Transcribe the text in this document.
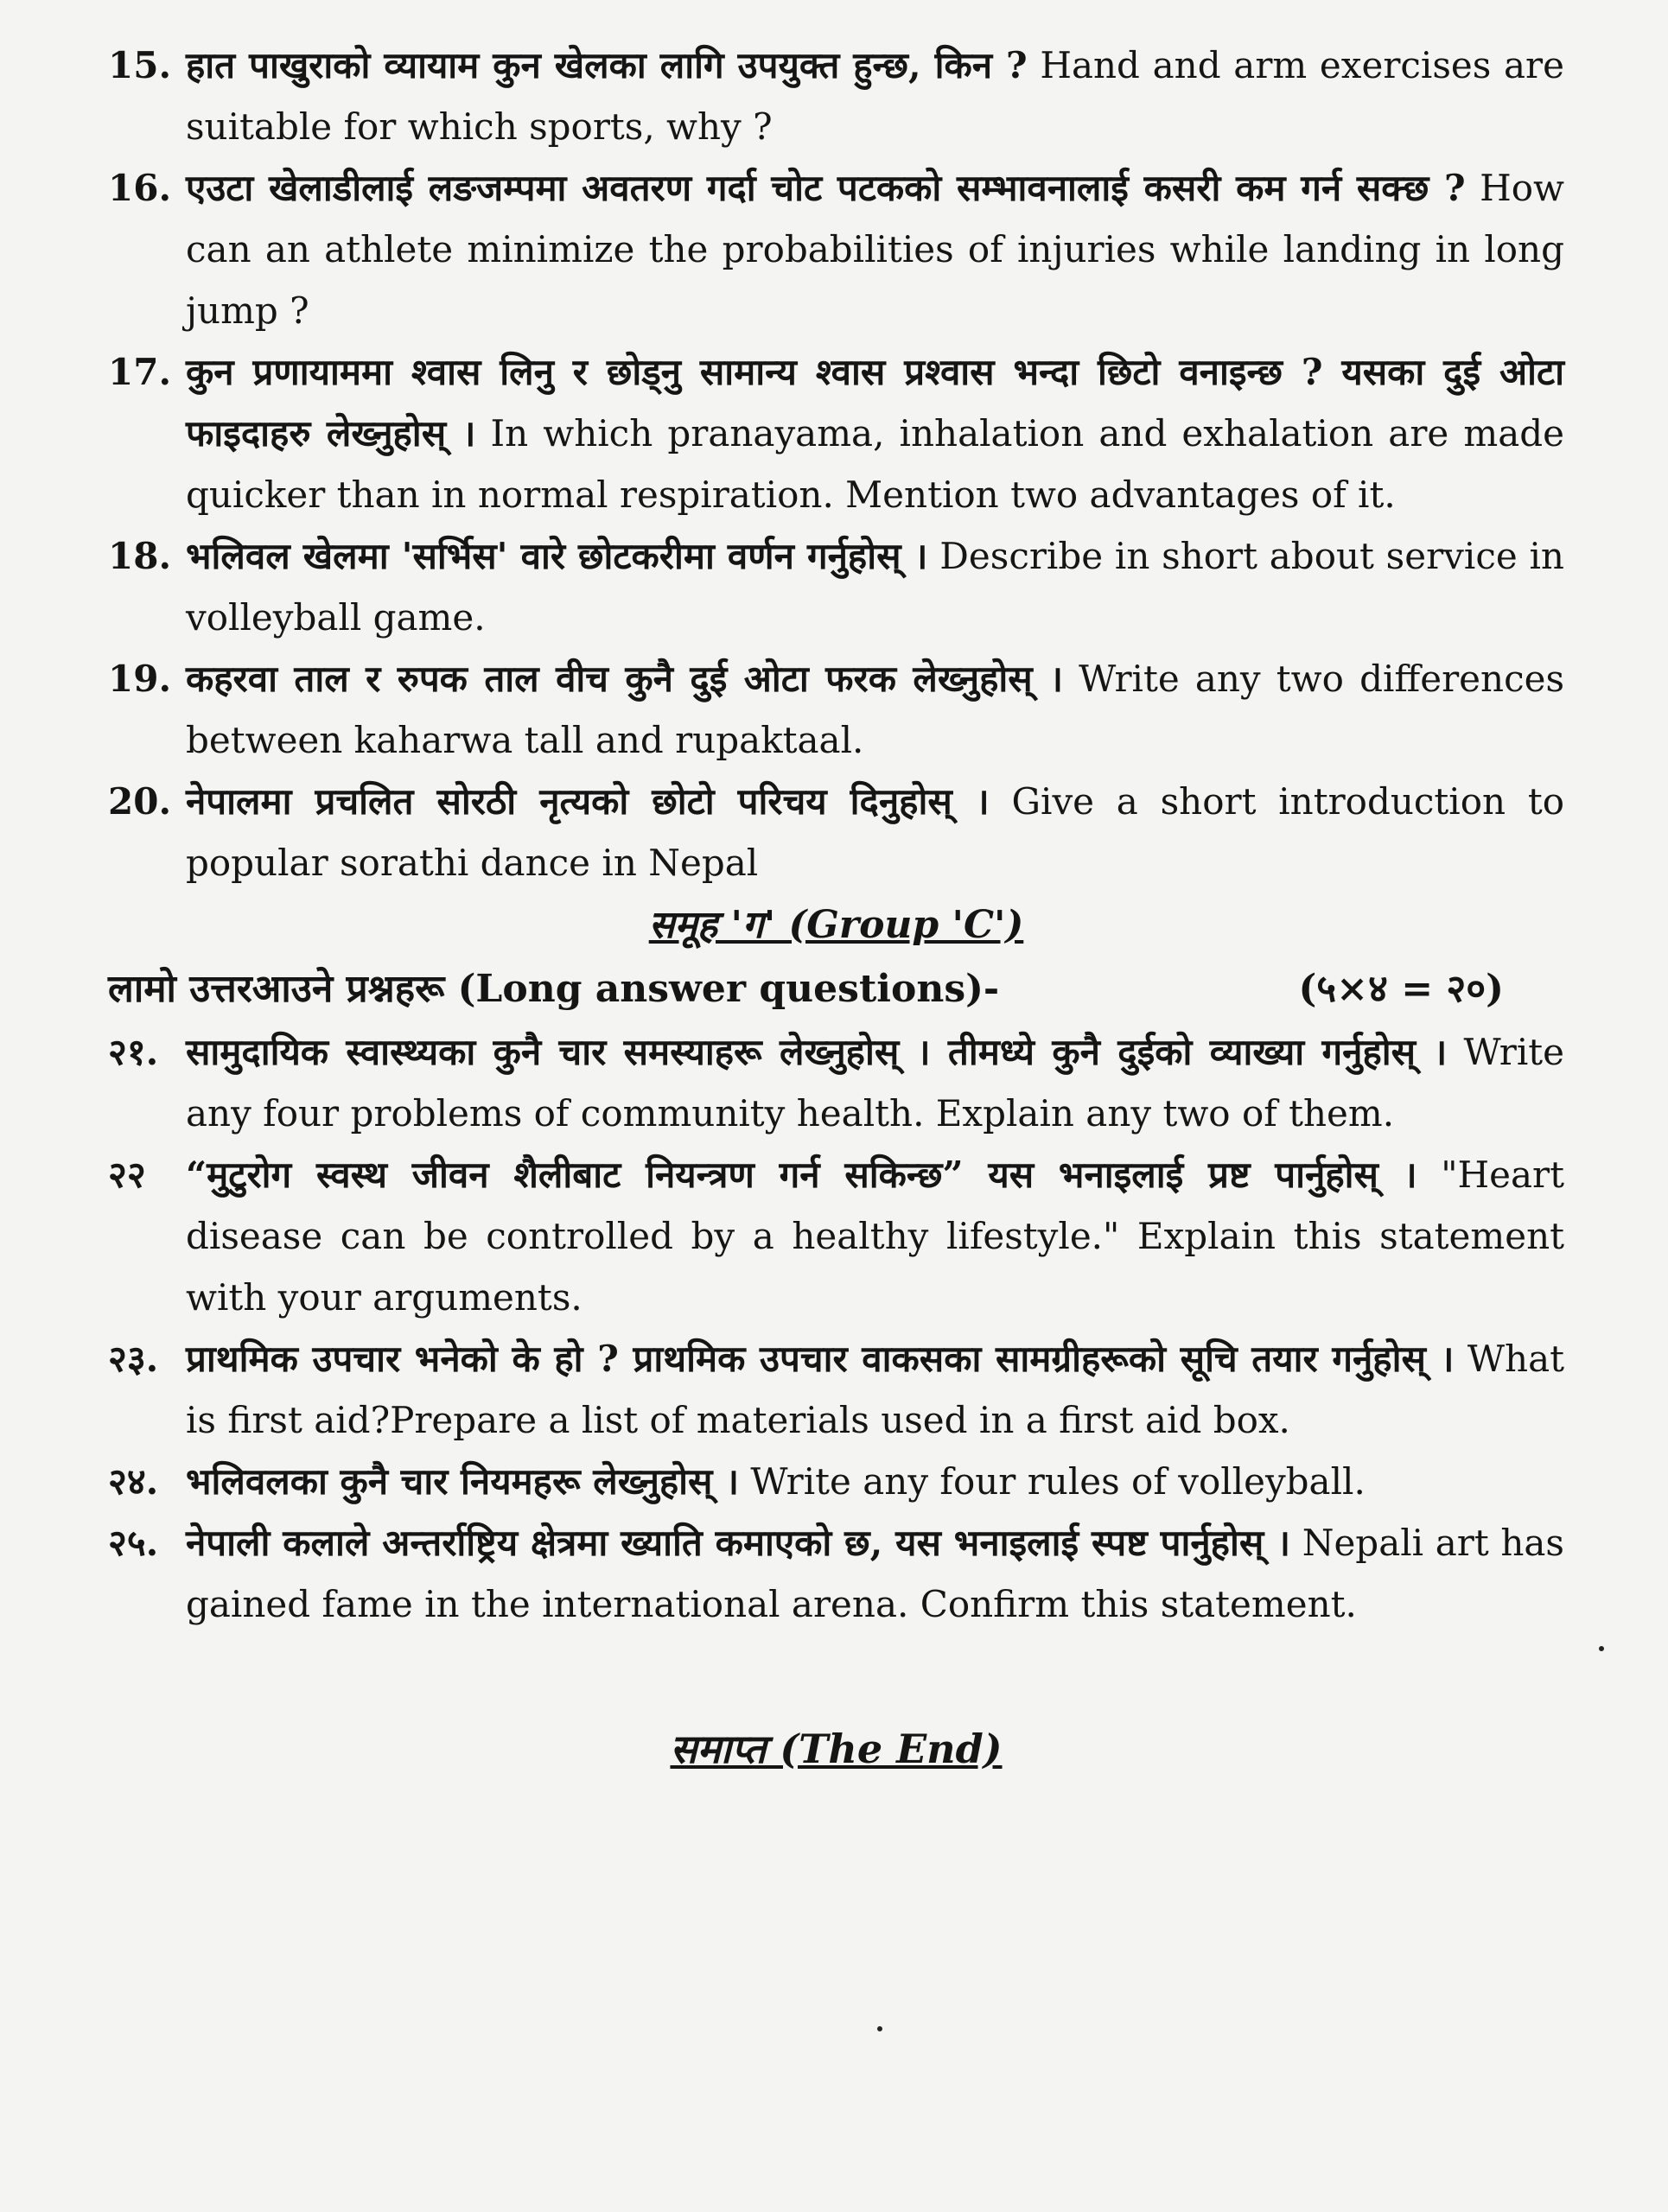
15. हात पाखुराको व्यायाम कुन खेलका लागि उपयुक्त हुन्छ, किन ? Hand and arm exercises are suitable for which sports, why ?

16. एउटा खेलाडीलाई लङजम्पमा अवतरण गर्दा चोट पटकको सम्भावनालाई कसरी कम गर्न सक्छ ? How can an athlete minimize the probabilities of injuries while landing in long jump ?

17. कुन प्रणायाममा श्वास लिनु र छोड्नु सामान्य श्वास प्रश्वास भन्दा छिटो वनाइन्छ ? यसका दुई ओटा फाइदाहरु लेख्नुहोस् । In which pranayama, inhalation and exhalation are made quicker than in normal respiration. Mention two advantages of it.

18. भलिवल खेलमा 'सर्भिस' वारे छोटकरीमा वर्णन गर्नुहोस् । Describe in short about service in volleyball game.

19. कहरवा ताल र रुपक ताल वीच कुनै दुई ओटा फरक लेख्नुहोस् । Write any two differences between kaharwa tall and rupaktaal.

20. नेपालमा प्रचलित सोरठी नृत्यको छोटो परिचय दिनुहोस् । Give a short introduction to popular sorathi dance in Nepal

समूह 'ग' (Group 'C')

लामो उत्तरआउने प्रश्नहरू (Long answer questions)-	(५×४ = २०)

२१. सामुदायिक स्वास्थ्यका कुनै चार समस्याहरू लेख्नुहोस् । तीमध्ये कुनै दुईको व्याख्या गर्नुहोस् । Write any four problems of community health. Explain any two of them.

२२ “मुटुरोग स्वस्थ जीवन शैलीबाट नियन्त्रण गर्न सकिन्छ” यस भनाइलाई प्रष्ट पार्नुहोस् । "Heart disease can be controlled by a healthy lifestyle." Explain this statement with your arguments.

२३. प्राथमिक उपचार भनेको के हो ? प्राथमिक उपचार वाकसका सामग्रीहरूको सूचि तयार गर्नुहोस् । What is first aid?Prepare a list of materials used in a first aid box.

२४. भलिवलका कुनै चार नियमहरू लेख्नुहोस् । Write any four rules of volleyball.

२५. नेपाली कलाले अन्तर्राष्ट्रिय क्षेत्रमा ख्याति कमाएको छ, यस भनाइलाई स्पष्ट पार्नुहोस् । Nepali art has gained fame in the international arena. Confirm this statement.

समाप्त (The End)
